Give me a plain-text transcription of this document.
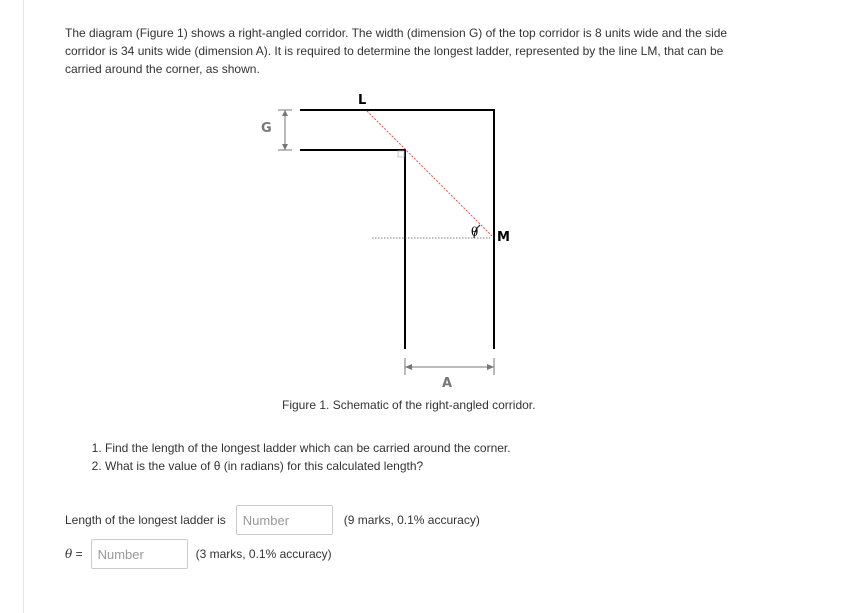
The diagram (Figure 1) shows a right-angled corridor. The width (dimension G) of the top corridor is 8 units wide and the side corridor is 34 units wide (dimension A). It is required to determine the longest ladder, represented by the line LM, that can be carried around the corner, as shown.

G
θ
L
M
A
Figure 1. Schematic of the right-angled corridor.
1. Find the length of the longest ladder which can be carried around the corner.
2. What is the value of θ (in radians) for this calculated length?
Length of the longest ladder is
Number	(9 marks, 0.1% accuracy)
θ =
Number	(3 marks, 0.1% accuracy)
